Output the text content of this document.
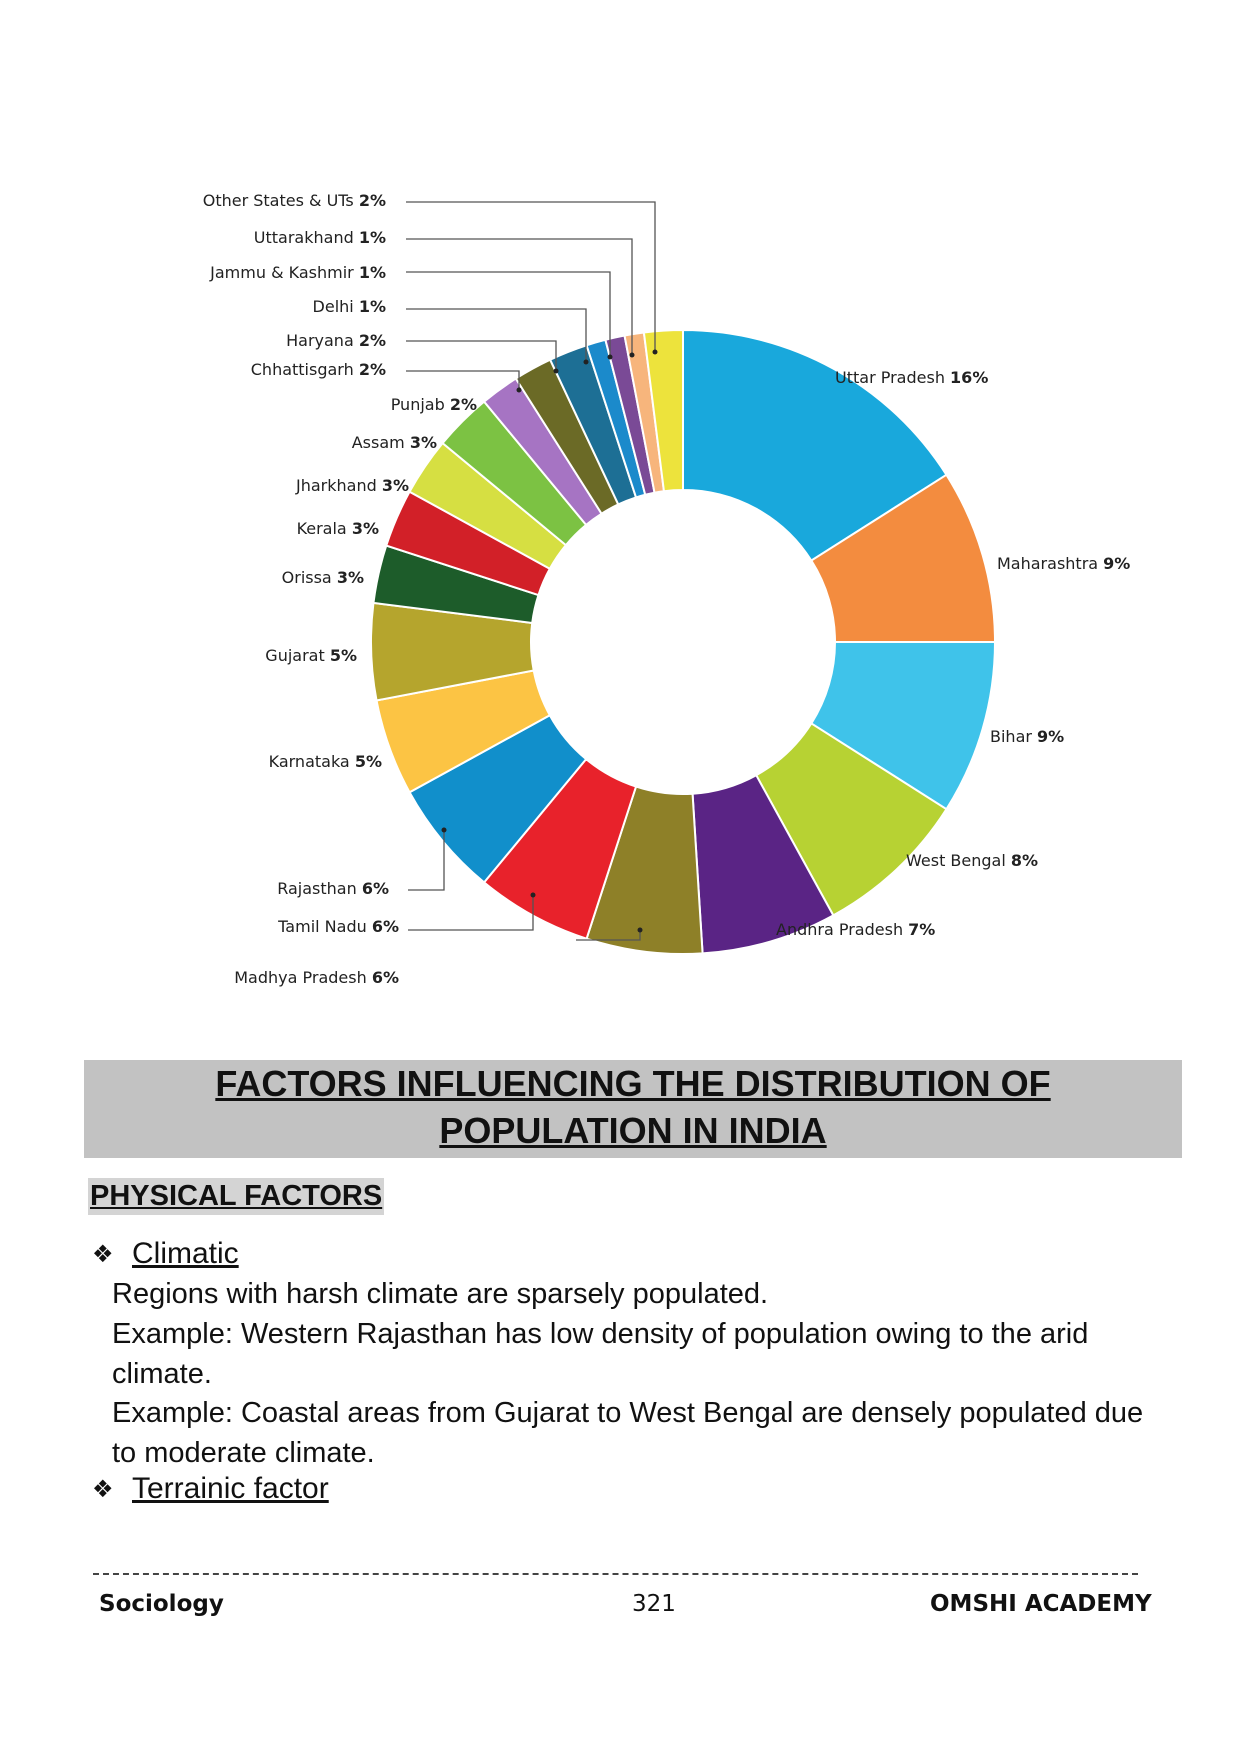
Uttar Pradesh 16%
Maharashtra 9%
Bihar 9%
West Bengal 8%
Andhra Pradesh 7%
Madhya Pradesh 6%
Tamil Nadu 6%
Rajasthan 6%
Karnataka 5%
Gujarat 5%
Orissa 3%
Kerala 3%
Jharkhand 3%
Assam 3%
Punjab 2%
Chhattisgarh 2%
Haryana 2%
Delhi 1%
Jammu & Kashmir 1%
Uttarakhand 1%
Other States & UTs 2%
FACTORS INFLUENCING THE DISTRIBUTION OF
POPULATION IN INDIA
PHYSICAL FACTORS
❖ Climatic
Regions with harsh climate are sparsely populated.
Example: Western Rajasthan has low density of population owing to the arid climate.
Example: Coastal areas from Gujarat to West Bengal are densely populated due to moderate climate.
❖ Terrainic factor
Sociology	321	OMSHI ACADEMY
